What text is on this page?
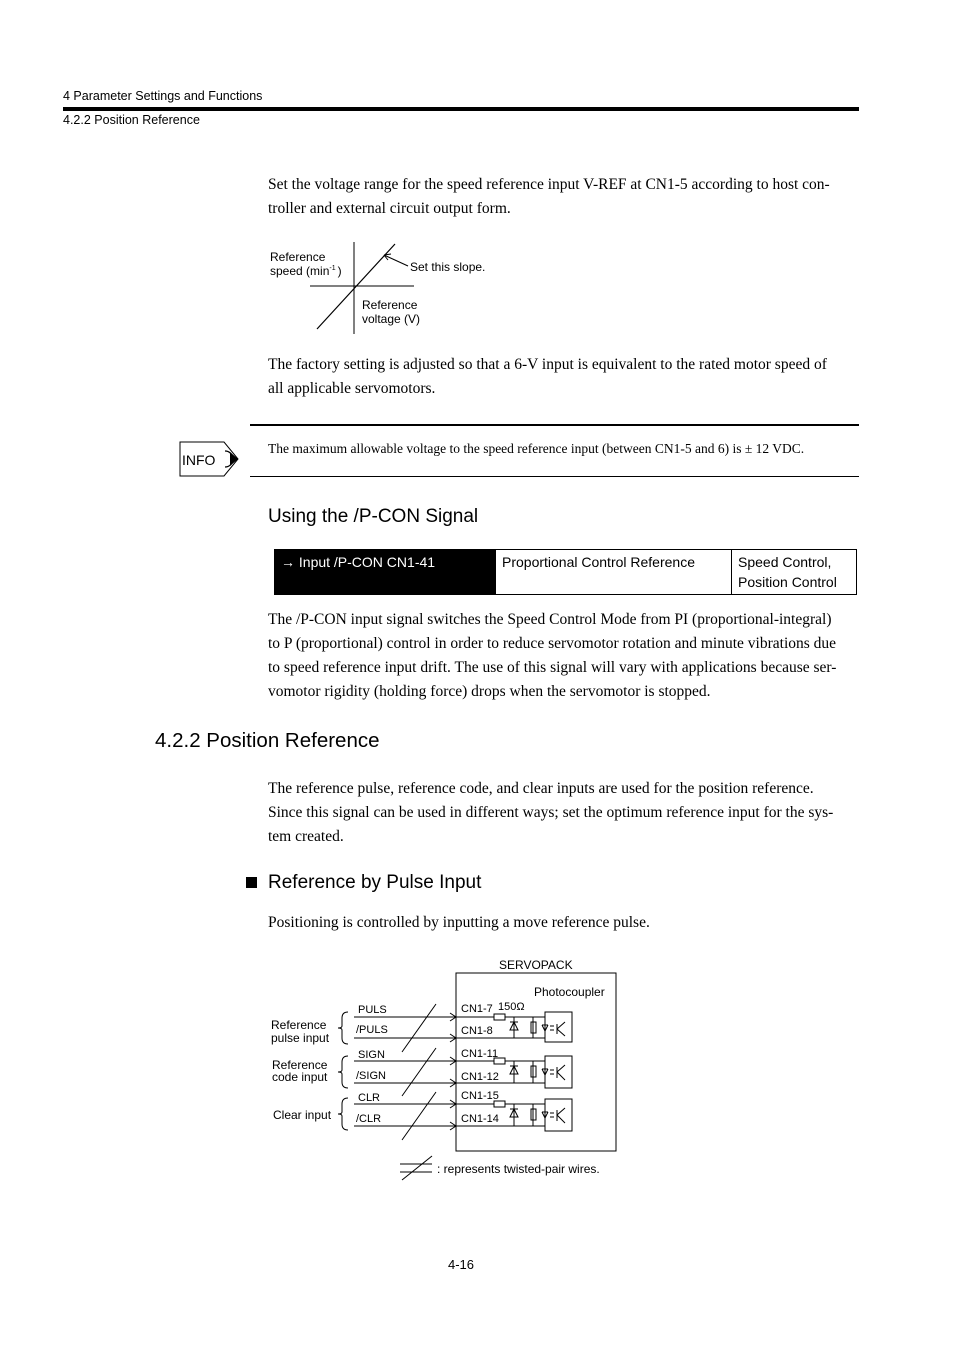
4 Parameter Settings and Functions
4.2.2 Position Reference
Set the voltage range for the speed reference input V-REF at CN1-5 according to host con-
troller and external circuit output form.
Reference
speed ($\min^{-1}$ )	Set this slope.
Reference
voltage (V)
The factory setting is adjusted so that a 6-V input is equivalent to the rated motor speed of
all applicable servomotors.
INFO
The maximum allowable voltage to the speed reference input (between CN1-5 and 6) is ± 12 VDC.
Using the /P-CON Signal
→ Input /P-CON CN1-41	Proportional Control Reference	Speed Control,
Position Control
The /P-CON input signal switches the Speed Control Mode from PI (proportional-integral)
to P (proportional) control in order to reduce servomotor rotation and minute vibrations due
to speed reference input drift. The use of this signal will vary with applications because ser-
vomotor rigidity (holding force) drops when the servomotor is stopped.
4.2.2 Position Reference
The reference pulse, reference code, and clear inputs are used for the position reference.
Since this signal can be used in different ways; set the optimum reference input for the sys-
tem created.
Reference by Pulse Input
Positioning is controlled by inputting a move reference pulse.
SERVOPACK
Photocoupler
Reference
pulse input
PULS
/PULS
CN1-7
CN1-8
150Ω
Reference
code input
SIGN
/SIGN
CN1-11
CN1-12
Clear input
CLR
/CLR
CN1-15
CN1-14
: represents twisted-pair wires.
4-16
